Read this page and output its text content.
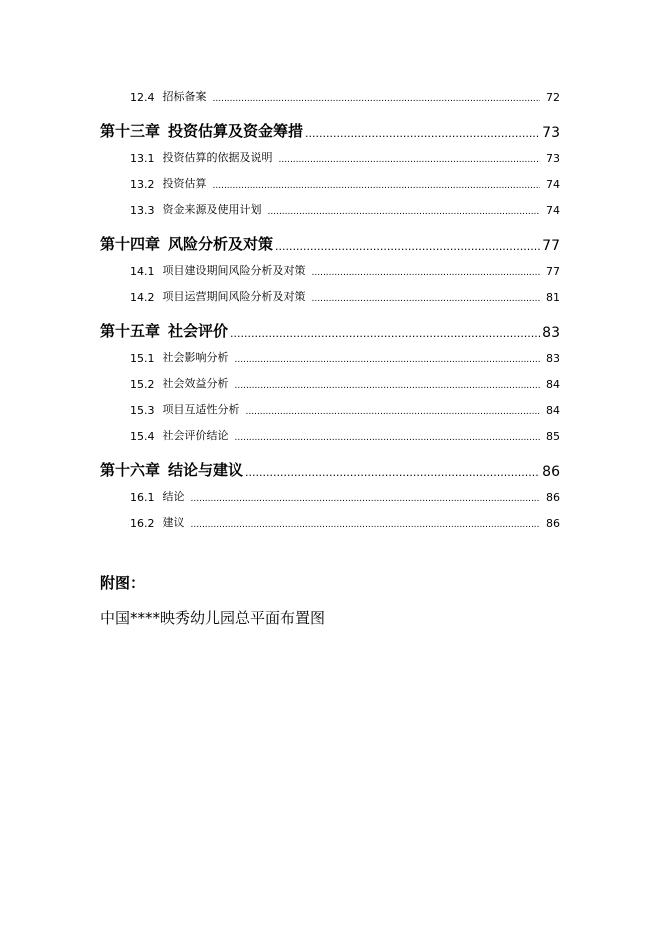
12.4 招标备案 .....	72
第十三章 投资估算及资金筹措 .....	73
13.1 投资估算的依据及说明 .....	73
13.2 投资估算 .....	74
13.3 资金来源及使用计划 .....	74
第十四章 风险分析及对策 .....	77
14.1 项目建设期间风险分析及对策 .....	77
14.2 项目运营期间风险分析及对策 .....	81
第十五章 社会评价 .....	83
15.1 社会影响分析 .....	83
15.2 社会效益分析 .....	84
15.3 项目互适性分析 .....	84
15.4 社会评价结论 .....	85
第十六章 结论与建议 .....	86
16.1 结论 .....	86
16.2 建议 .....	86
附图：
中国****映秀幼儿园总平面布置图
